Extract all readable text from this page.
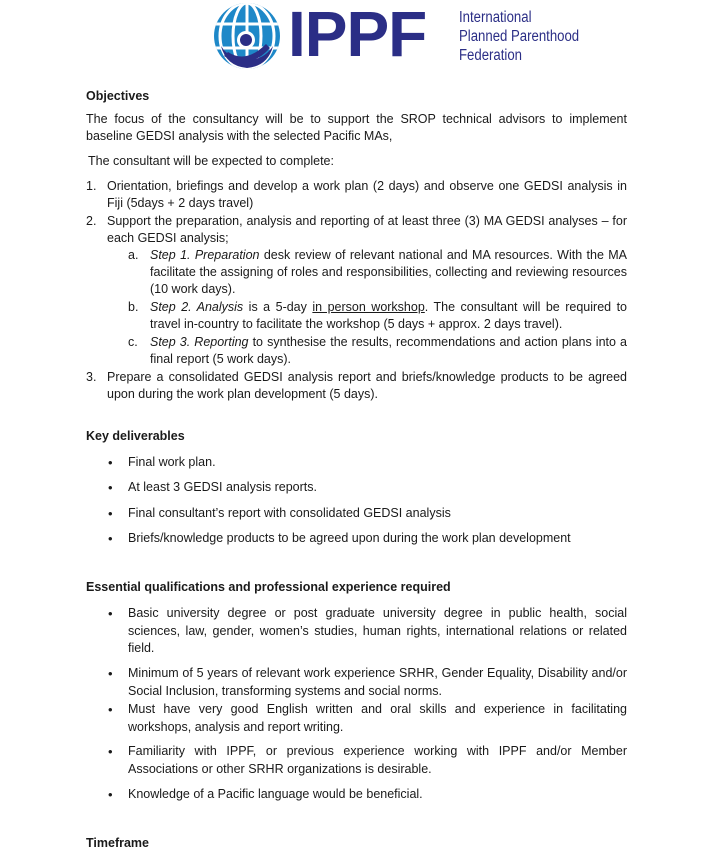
IPPF International
Planned Parenthood
Federation
Objectives
The focus of the consultancy will be to support the SROP technical advisors to implement baseline GEDSI analysis with the selected Pacific MAs,
The consultant will be expected to complete:
1. Orientation, briefings and develop a work plan (2 days) and observe one GEDSI analysis in Fiji (5days + 2 days travel)
2. Support the preparation, analysis and reporting of at least three (3) MA GEDSI analyses – for each GEDSI analysis;
a. Step 1. Preparation desk review of relevant national and MA resources. With the MA facilitate the assigning of roles and responsibilities, collecting and reviewing resources (10 work days).
b. Step 2. Analysis is a 5-day in person workshop. The consultant will be required to travel in-country to facilitate the workshop (5 days + approx. 2 days travel).
c. Step 3. Reporting to synthesise the results, recommendations and action plans into a final report (5 work days).
3. Prepare a consolidated GEDSI analysis report and briefs/knowledge products to be agreed upon during the work plan development (5 days).
Key deliverables
• Final work plan.
• At least 3 GEDSI analysis reports.
• Final consultant’s report with consolidated GEDSI analysis
• Briefs/knowledge products to be agreed upon during the work plan development
Essential qualifications and professional experience required
• Basic university degree or post graduate university degree in public health, social sciences, law, gender, women’s studies, human rights, international relations or related field.
• Minimum of 5 years of relevant work experience SRHR, Gender Equality, Disability and/or Social Inclusion, transforming systems and social norms.
• Must have very good English written and oral skills and experience in facilitating workshops, analysis and report writing.
• Familiarity with IPPF, or previous experience working with IPPF and/or Member Associations or other SRHR organizations is desirable.
• Knowledge of a Pacific language would be beneficial.
Timeframe
